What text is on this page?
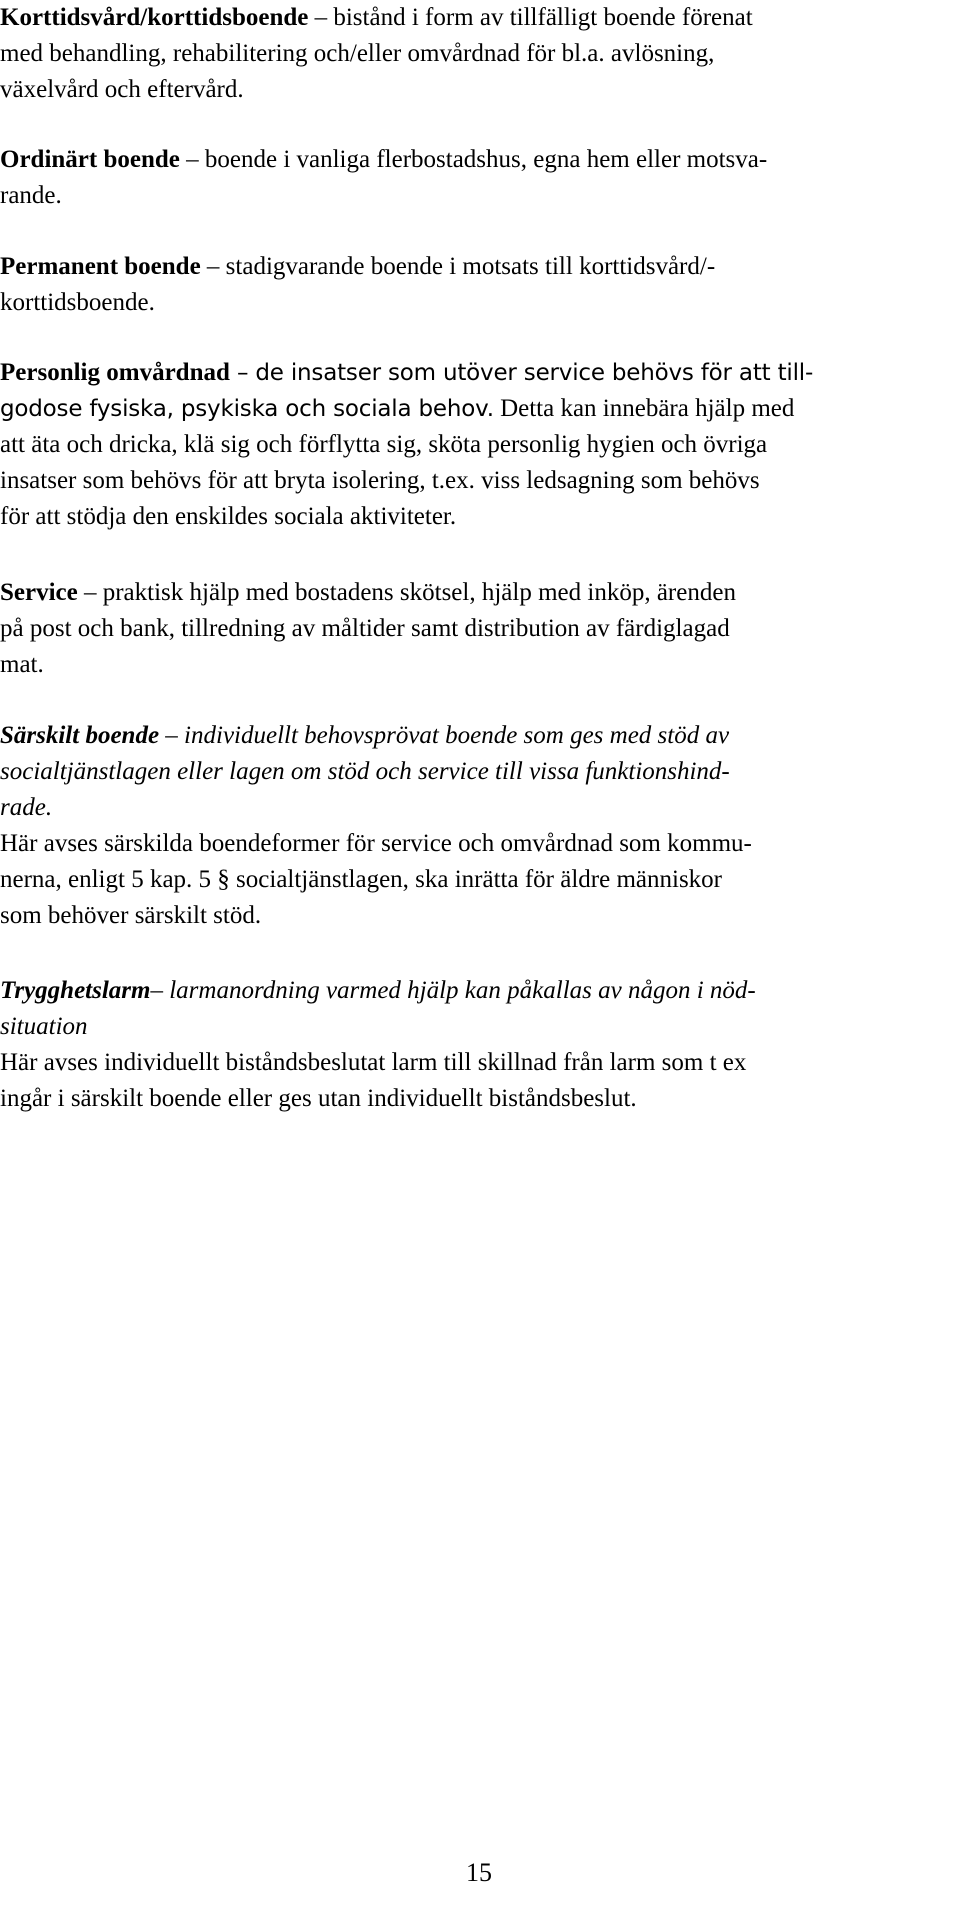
Korttidsvård/korttidsboende – bistånd i form av tillfälligt boende förenat
med behandling, rehabilitering och/eller omvårdnad för bl.a. avlösning,
växelvård och eftervård.
Ordinärt boende – boende i vanliga flerbostadshus, egna hem eller motsva-
rande.
Permanent boende – stadigvarande boende i motsats till korttidsvård/-
korttidsboende.
Personlig omvårdnad – de insatser som utöver service behövs för att till-
godose fysiska, psykiska och sociala behov. Detta kan innebära hjälp med
att äta och dricka, klä sig och förflytta sig, sköta personlig hygien och övriga
insatser som behövs för att bryta isolering, t.ex. viss ledsagning som behövs
för att stödja den enskildes sociala aktiviteter.
Service – praktisk hjälp med bostadens skötsel, hjälp med inköp, ärenden
på post och bank, tillredning av måltider samt distribution av färdiglagad
mat.
Särskilt boende – individuellt behovsprövat boende som ges med stöd av
socialtjänstlagen eller lagen om stöd och service till vissa funktionshind-
rade.
Här avses särskilda boendeformer för service och omvårdnad som kommu-
nerna, enligt 5 kap. 5 § socialtjänstlagen, ska inrätta för äldre människor
som behöver särskilt stöd.
Trygghetslarm– larmanordning varmed hjälp kan påkallas av någon i nöd-
situation
Här avses individuellt biståndsbeslutat larm till skillnad från larm som t ex
ingår i särskilt boende eller ges utan individuellt biståndsbeslut.
15
